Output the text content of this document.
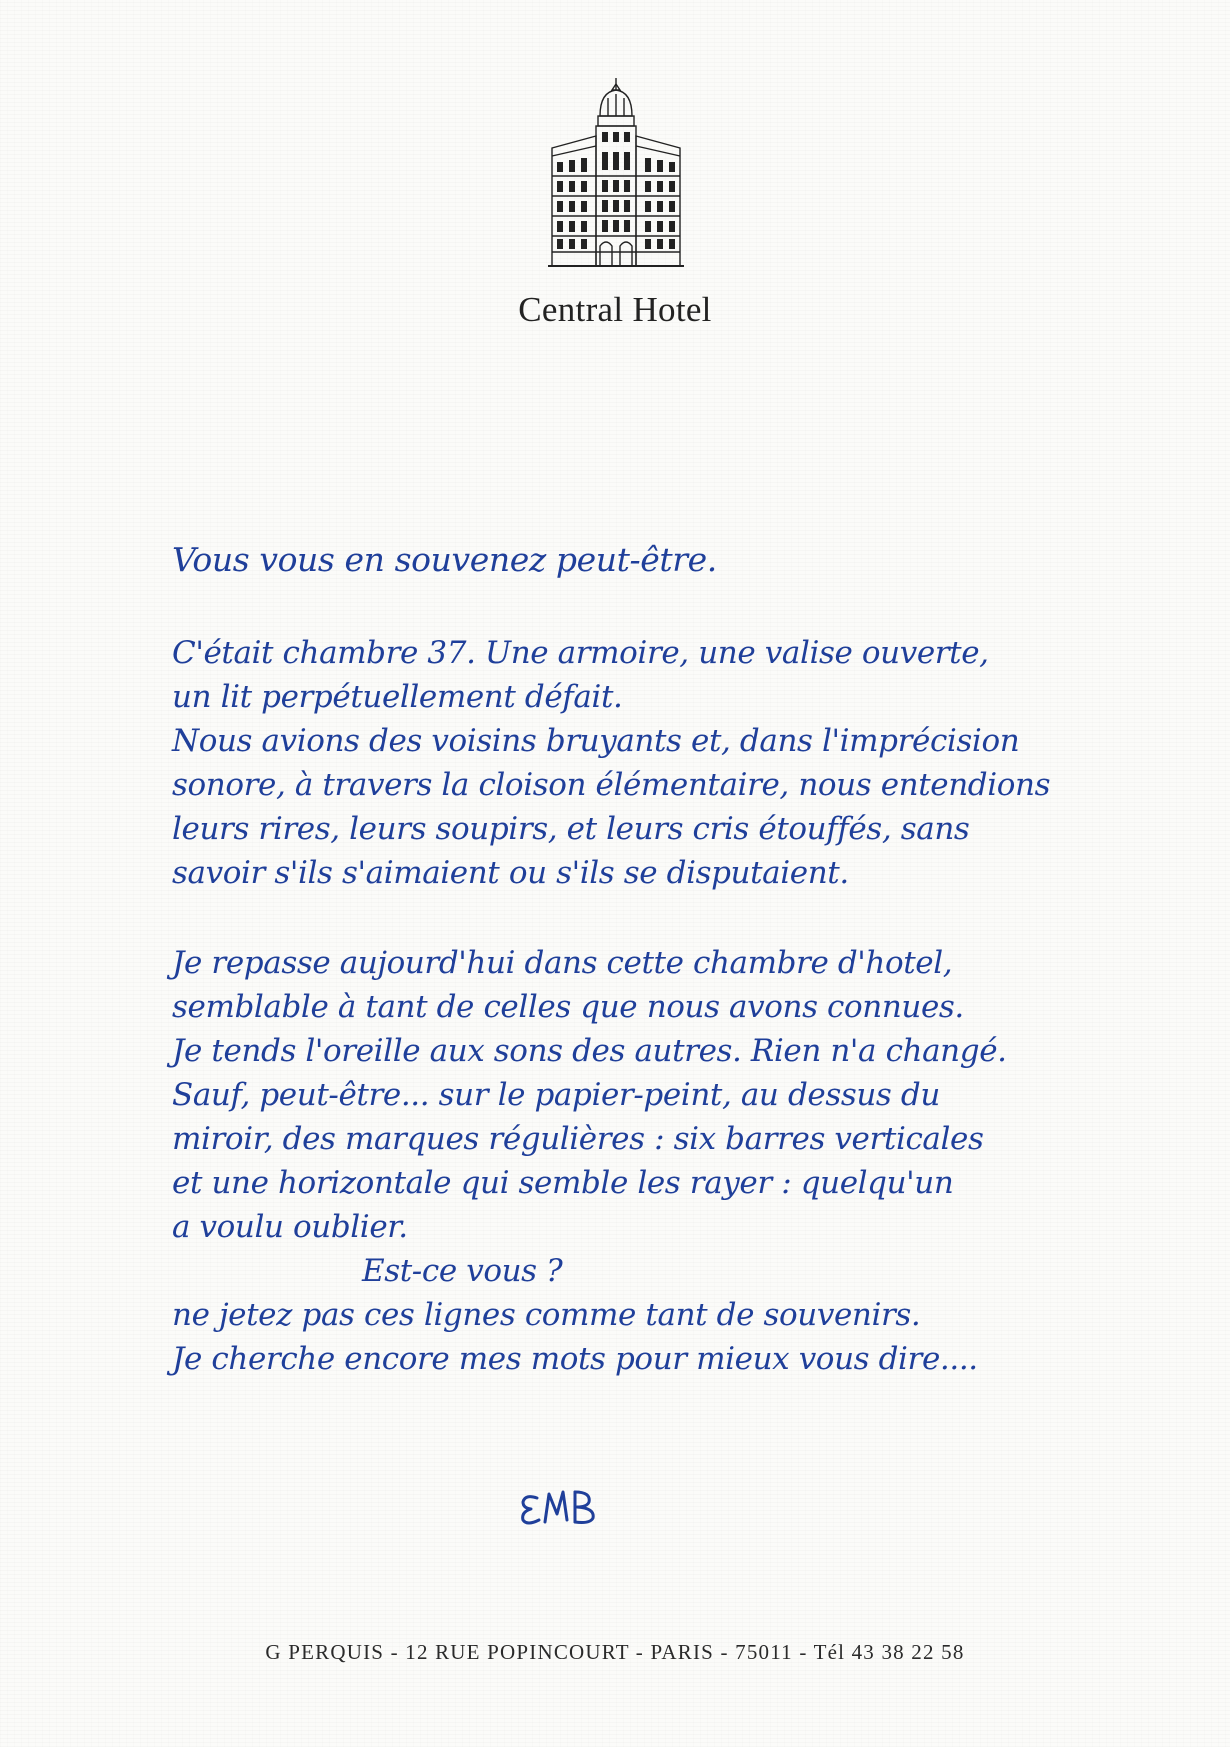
Central Hotel
Vous vous en souvenez peut-être.
C'était chambre 37. Une armoire, une valise ouverte,
un lit perpétuellement défait.
Nous avions des voisins bruyants et, dans l'imprécision
sonore, à travers la cloison élémentaire, nous entendions
leurs rires, leurs soupirs, et leurs cris étouffés, sans
savoir s'ils s'aimaient ou s'ils se disputaient.
Je repasse aujourd'hui dans cette chambre d'hotel,
semblable à tant de celles que nous avons connues.
Je tends l'oreille aux sons des autres. Rien n'a changé.
Sauf, peut-être... sur le papier-peint, au dessus du
miroir, des marques régulières : six barres verticales
et une horizontale qui semble les rayer : quelqu'un
a voulu oublier.
Est-ce vous ?
ne jetez pas ces lignes comme tant de souvenirs.
Je cherche encore mes mots pour mieux vous dire....
G PERQUIS - 12 RUE POPINCOURT - PARIS - 75011 - Tél 43 38 22 58
